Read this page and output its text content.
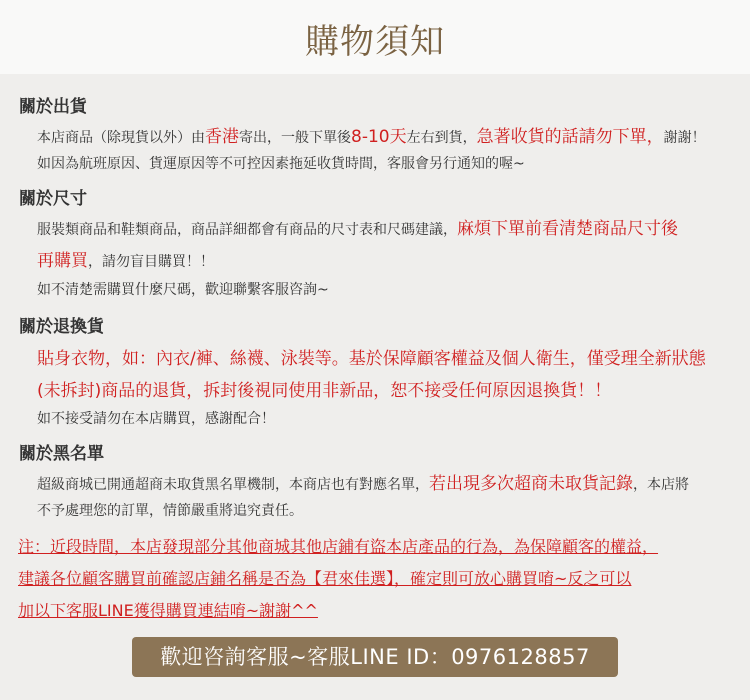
購物須知
關於出貨
本店商品（除現貨以外）由香港寄出，一般下單後8-10天左右到貨，急著收貨的話請勿下單，謝謝！
如因為航班原因、貨運原因等不可控因素拖延收貨時間，客服會另行通知的喔~
關於尺寸
服裝類商品和鞋類商品，商品詳細都會有商品的尺寸表和尺碼建議，麻煩下單前看清楚商品尺寸後
再購買，請勿盲目購買！！
如不清楚需購買什麼尺碼，歡迎聯繫客服咨詢~
關於退換貨
貼身衣物，如：內衣/褲、絲襪、泳裝等。基於保障顧客權益及個人衛生，僅受理全新狀態
(未拆封)商品的退貨，拆封後視同使用非新品，恕不接受任何原因退換貨！！
如不接受請勿在本店購買，感謝配合！
關於黑名單
超級商城已開通超商未取貨黑名單機制，本商店也有對應名單，若出現多次超商未取貨記錄，本店將
不予處理您的訂單，情節嚴重將追究責任。
注：近段時間，本店發現部分其他商城其他店鋪有盜本店產品的行為，為保障顧客的權益，
建議各位顧客購買前確認店鋪名稱是否為【君來佳選】，確定則可放心購買唷~反之可以
加以下客服LINE獲得購買連結唷~謝謝^^
歡迎咨詢客服~客服LINE ID：0976128857
